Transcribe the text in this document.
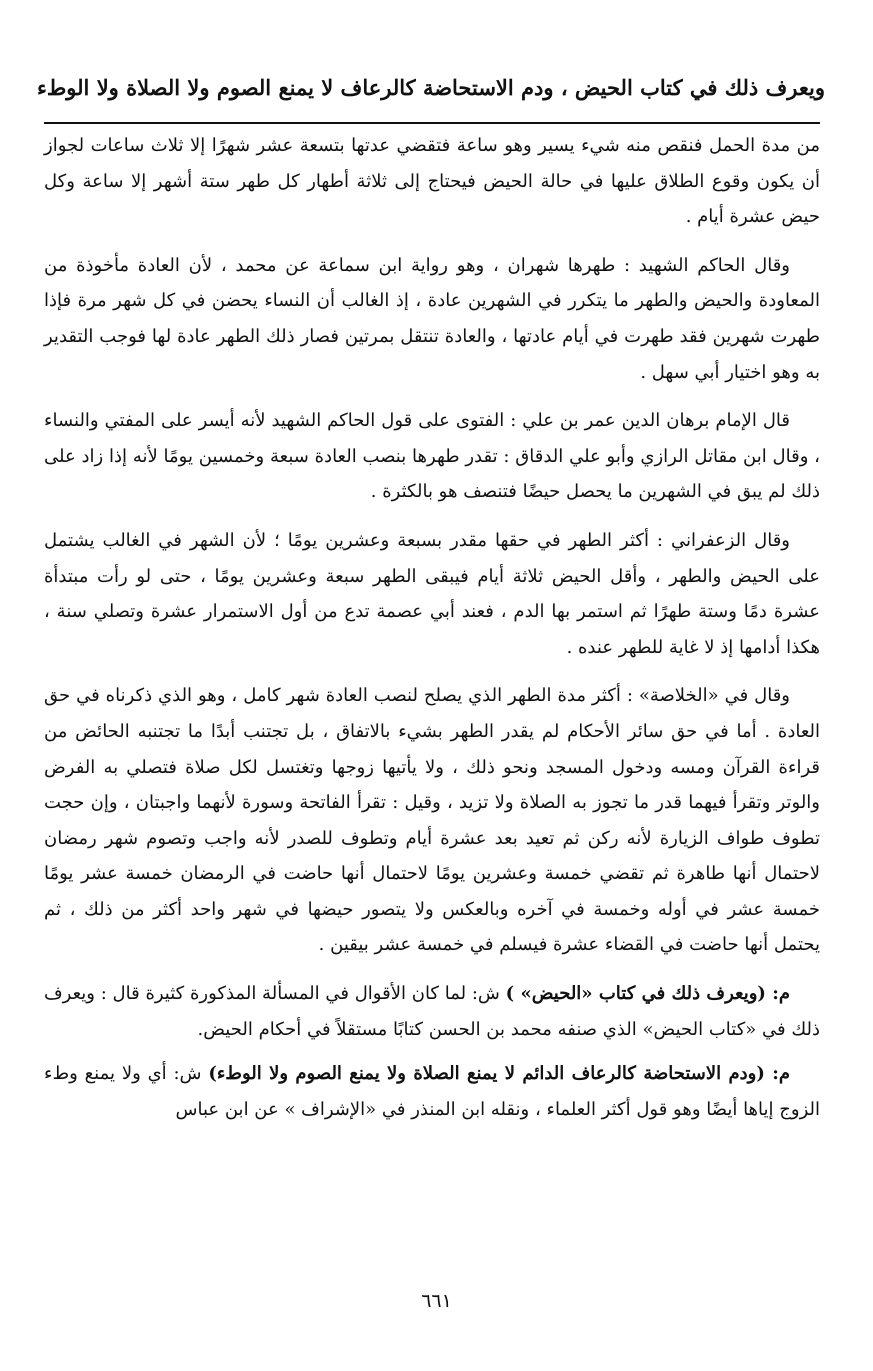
ويعرف ذلك في كتاب الحيض ، ودم الاستحاضة كالرعاف لا يمنع الصوم ولا الصلاة ولا الوطء

من مدة الحمل فنقص منه شيء يسير وهو ساعة فتقضي عدتها بتسعة عشر شهرًا إلا ثلاث ساعات لجواز أن يكون وقوع الطلاق عليها في حالة الحيض فيحتاج إلى ثلاثة أطهار كل طهر ستة أشهر إلا ساعة وكل حيض عشرة أيام .

وقال الحاكم الشهيد : طهرها شهران ، وهو رواية ابن سماعة عن محمد ، لأن العادة مأخوذة من المعاودة والحيض والطهر ما يتكرر في الشهرين عادة ، إذ الغالب أن النساء يحضن في كل شهر مرة فإذا طهرت شهرين فقد طهرت في أيام عادتها ، والعادة تنتقل بمرتين فصار ذلك الطهر عادة لها فوجب التقدير به وهو اختيار أبي سهل .

قال الإمام برهان الدين عمر بن علي : الفتوى على قول الحاكم الشهيد لأنه أيسر على المفتي والنساء ، وقال ابن مقاتل الرازي وأبو علي الدقاق : تقدر طهرها بنصب العادة سبعة وخمسين يومًا لأنه إذا زاد على ذلك لم يبق في الشهرين ما يحصل حيضًا فتنصف هو بالكثرة .

وقال الزعفراني : أكثر الطهر في حقها مقدر بسبعة وعشرين يومًا ؛ لأن الشهر في الغالب يشتمل على الحيض والطهر ، وأقل الحيض ثلاثة أيام فيبقى الطهر سبعة وعشرين يومًا ، حتى لو رأت مبتدأة عشرة دمًا وستة طهرًا ثم استمر بها الدم ، فعند أبي عصمة تدع من أول الاستمرار عشرة وتصلي سنة ، هكذا أدامها إذ لا غاية للطهر عنده .

وقال في «الخلاصة» : أكثر مدة الطهر الذي يصلح لنصب العادة شهر كامل ، وهو الذي ذكرناه في حق العادة . أما في حق سائر الأحكام لم يقدر الطهر بشيء بالاتفاق ، بل تجتنب أبدًا ما تجتنبه الحائض من قراءة القرآن ومسه ودخول المسجد ونحو ذلك ، ولا يأتيها زوجها وتغتسل لكل صلاة فتصلي به الفرض والوتر وتقرأ فيهما قدر ما تجوز به الصلاة ولا تزيد ، وقيل : تقرأ الفاتحة وسورة لأنهما واجبتان ، وإن حجت تطوف طواف الزيارة لأنه ركن ثم تعيد بعد عشرة أيام وتطوف للصدر لأنه واجب وتصوم شهر رمضان لاحتمال أنها طاهرة ثم تقضي خمسة وعشرين يومًا لاحتمال أنها حاضت في الرمضان خمسة عشر يومًا خمسة عشر في أوله وخمسة في آخره وبالعكس ولا يتصور حيضها في شهر واحد أكثر من ذلك ، ثم يحتمل أنها حاضت في القضاء عشرة فيسلم في خمسة عشر بيقين .

م: (ويعرف ذلك في كتاب «الحيض» ) ش: لما كان الأقوال في المسألة المذكورة كثيرة قال : ويعرف ذلك في «كتاب الحيض» الذي صنفه محمد بن الحسن كتابًا مستقلاً في أحكام الحيض.

م: (ودم الاستحاضة كالرعاف الدائم لا يمنع الصلاة ولا يمنع الصوم ولا الوطء) ش: أي ولا يمنع وطء الزوج إياها أيضًا وهو قول أكثر العلماء ، ونقله ابن المنذر في «الإشراف » عن ابن عباس

٦٦١
